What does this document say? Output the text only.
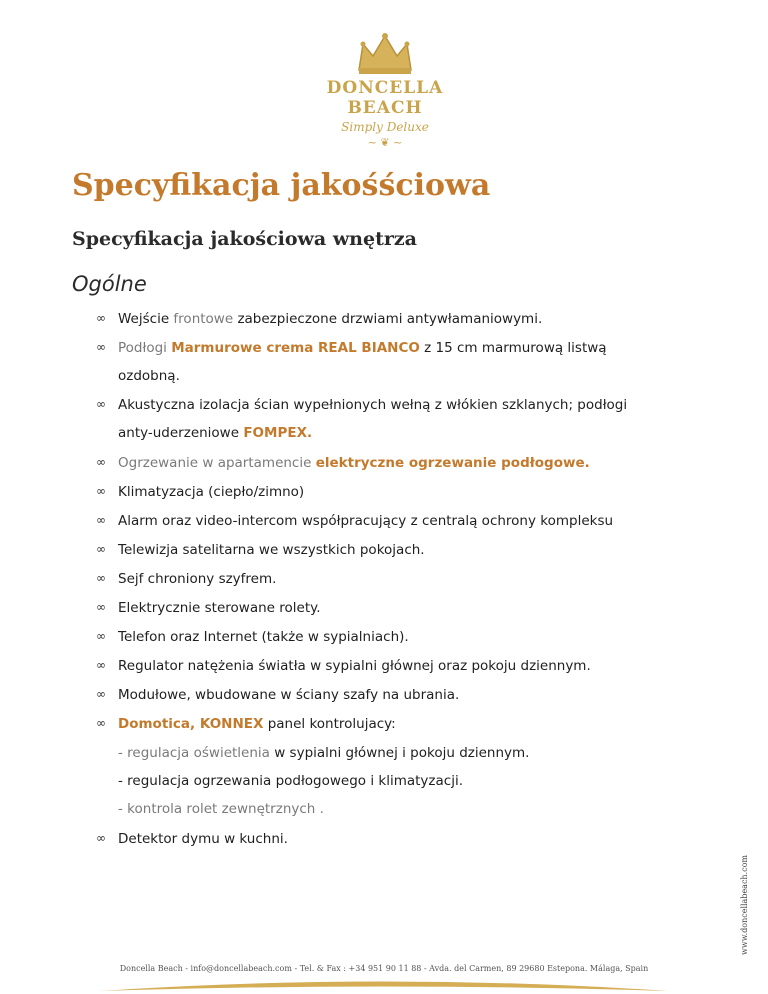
DONCELLA BEACH
Simply Deluxe
~ ❦ ~
Specyfikacja jakośściowa
Specyfikacja jakościowa wnętrza
Ogólne
∞ Wejście frontowe zabezpieczone drzwiami antywłamaniowymi.
∞ Podłogi Marmurowe crema REAL BIANCO z 15 cm marmurową listwą
ozdobną.
∞ Akustyczna izolacja ścian wypełnionych wełną z włókien szklanych; podłogi
anty-uderzeniowe FOMPEX.
∞ Ogrzewanie w apartamencie elektryczne ogrzewanie podłogowe.
∞ Klimatyzacja (ciepło/zimno)
∞ Alarm oraz video-intercom współpracujący z centralą ochrony kompleksu
∞ Telewizja satelitarna we wszystkich pokojach.
∞ Sejf chroniony szyfrem.
∞ Elektrycznie sterowane rolety.
∞ Telefon oraz Internet (także w sypialniach).
∞ Regulator natężenia światła w sypialni głównej oraz pokoju dziennym.
∞ Modułowe, wbudowane w ściany szafy na ubrania.
∞ Domotica, KONNEX panel kontrolujacy:
- regulacja oświetlenia w sypialni głównej i pokoju dziennym.
- regulacja ogrzewania podłogowego i klimatyzacji.
- kontrola rolet zewnętrznych .
∞ Detektor dymu w kuchni.
www.doncellabeach.com
Doncella Beach - info@doncellabeach.com - Tel. & Fax : +34 951 90 11 88 - Avda. del Carmen, 89 29680 Estepona. Málaga, Spain
